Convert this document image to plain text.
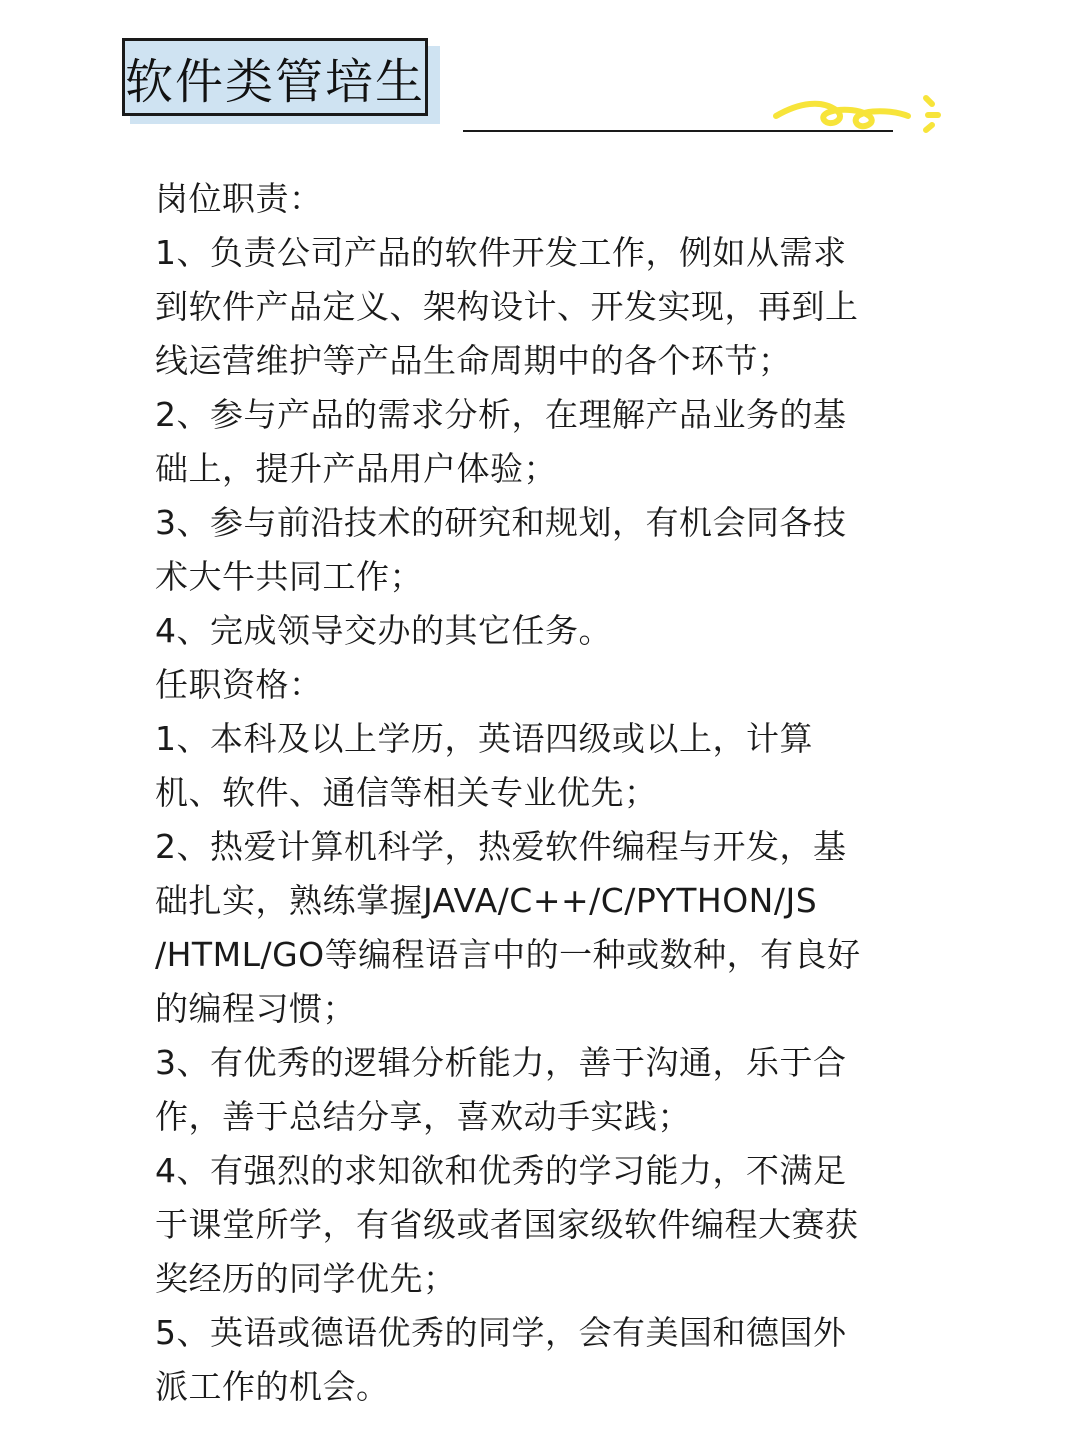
软件类管培生
岗位职责：
1、负责公司产品的软件开发工作，例如从需求
到软件产品定义、架构设计、开发实现，再到上
线运营维护等产品生命周期中的各个环节；
2、参与产品的需求分析，在理解产品业务的基
础上，提升产品用户体验；
3、参与前沿技术的研究和规划，有机会同各技
术大牛共同工作；
4、完成领导交办的其它任务。
任职资格：
1、本科及以上学历，英语四级或以上，计算
机、软件、通信等相关专业优先；
2、热爱计算机科学，热爱软件编程与开发，基
础扎实，熟练掌握JAVA/C++/C/PYTHON/JS
/HTML/GO等编程语言中的一种或数种，有良好
的编程习惯；
3、有优秀的逻辑分析能力，善于沟通，乐于合
作，善于总结分享，喜欢动手实践；
4、有强烈的求知欲和优秀的学习能力，不满足
于课堂所学，有省级或者国家级软件编程大赛获
奖经历的同学优先；
5、英语或德语优秀的同学，会有美国和德国外
派工作的机会。
